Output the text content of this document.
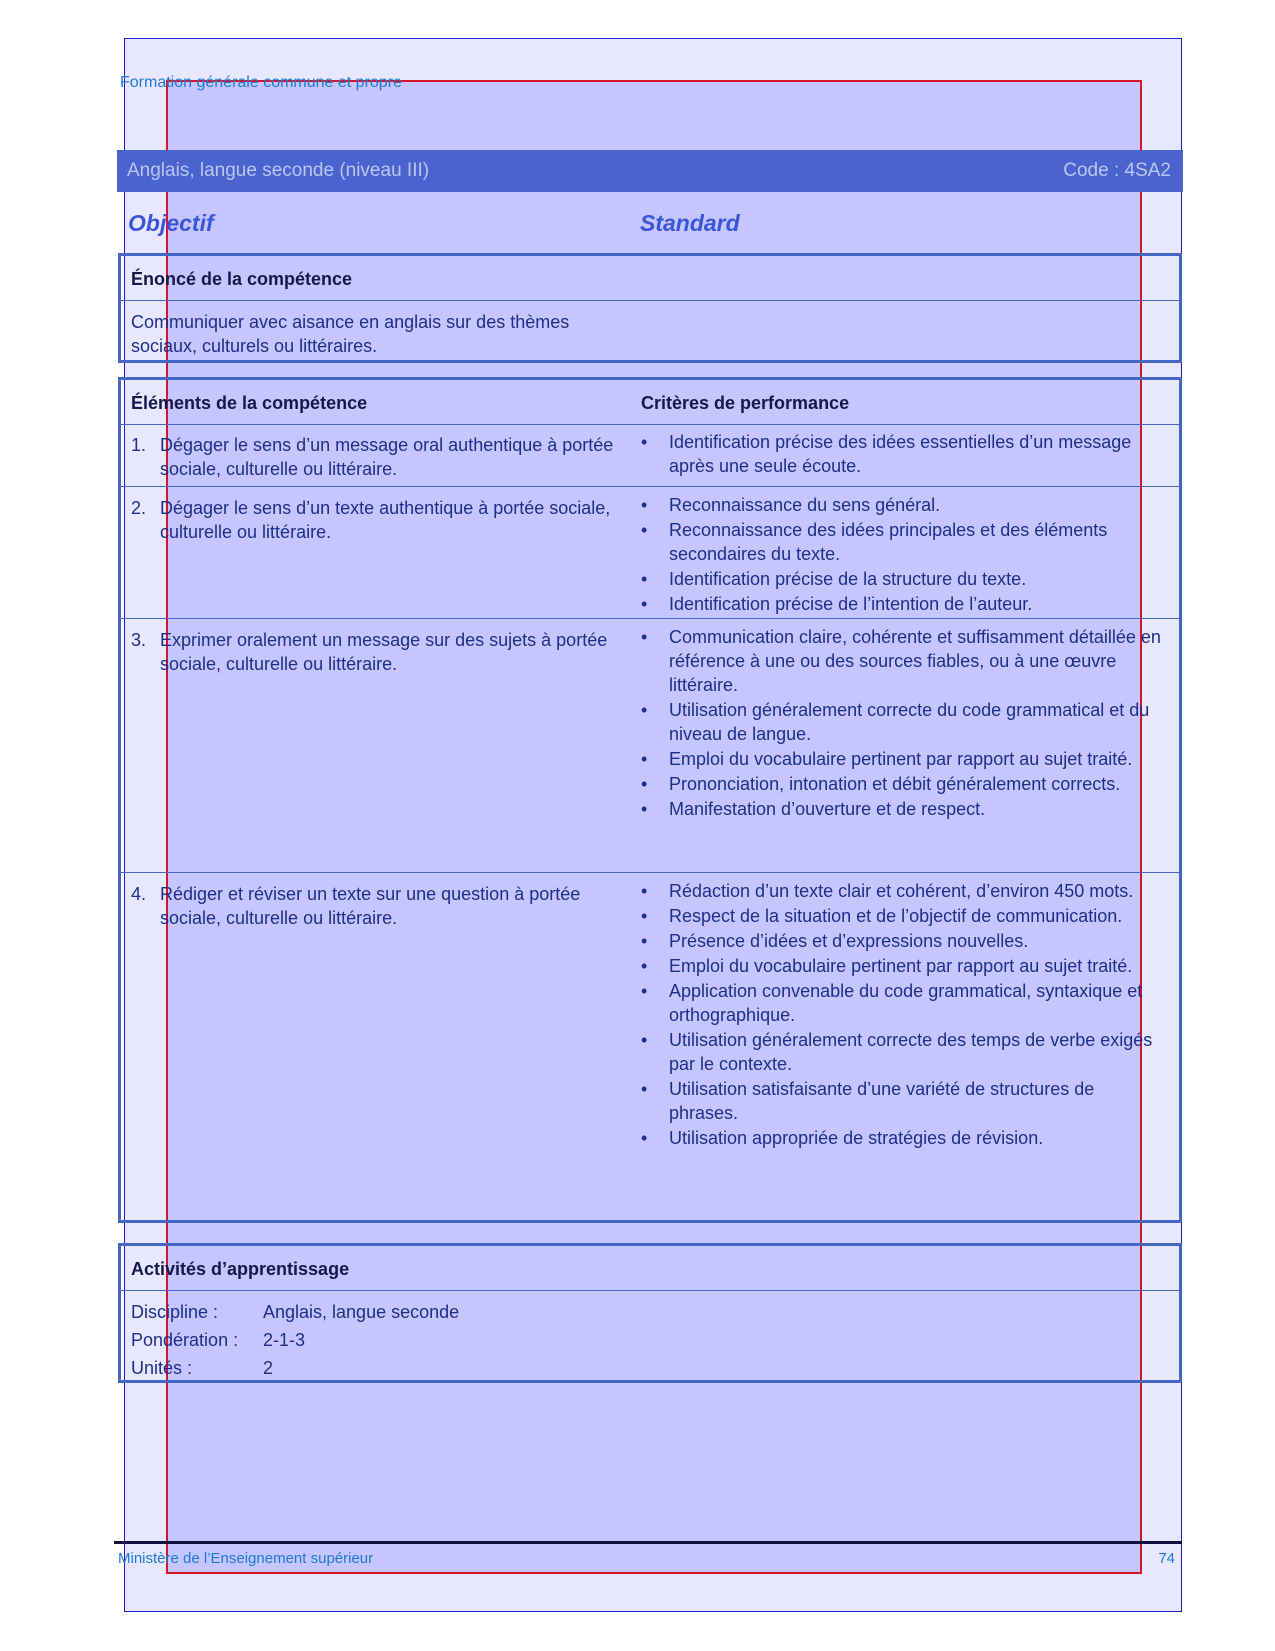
Formation générale commune et propre
Anglais, langue seconde (niveau III)	Code : 4SA2
Objectif	Standard
Énoncé de la compétence
Communiquer avec aisance en anglais sur des thèmes sociaux, culturels ou littéraires.
Éléments de la compétence	Critères de performance
1. Dégager le sens d’un message oral authentique à portée sociale, culturelle ou littéraire.
• Identification précise des idées essentielles d’un message après une seule écoute.
2. Dégager le sens d’un texte authentique à portée sociale, culturelle ou littéraire.
• Reconnaissance du sens général.
• Reconnaissance des idées principales et des éléments secondaires du texte.
• Identification précise de la structure du texte.
• Identification précise de l’intention de l’auteur.
3. Exprimer oralement un message sur des sujets à portée sociale, culturelle ou littéraire.
• Communication claire, cohérente et suffisamment détaillée en référence à une ou des sources fiables, ou à une œuvre littéraire.
• Utilisation généralement correcte du code grammatical et du niveau de langue.
• Emploi du vocabulaire pertinent par rapport au sujet traité.
• Prononciation, intonation et débit généralement corrects.
• Manifestation d’ouverture et de respect.
4. Rédiger et réviser un texte sur une question à portée sociale, culturelle ou littéraire.
• Rédaction d’un texte clair et cohérent, d’environ 450 mots.
• Respect de la situation et de l’objectif de communication.
• Présence d’idées et d’expressions nouvelles.
• Emploi du vocabulaire pertinent par rapport au sujet traité.
• Application convenable du code grammatical, syntaxique et orthographique.
• Utilisation généralement correcte des temps de verbe exigés par le contexte.
• Utilisation satisfaisante d’une variété de structures de phrases.
• Utilisation appropriée de stratégies de révision.
Activités d’apprentissage
Discipline : Anglais, langue seconde
Pondération : 2-1-3
Unités :	2
Ministère de l’Enseignement supérieur	74
